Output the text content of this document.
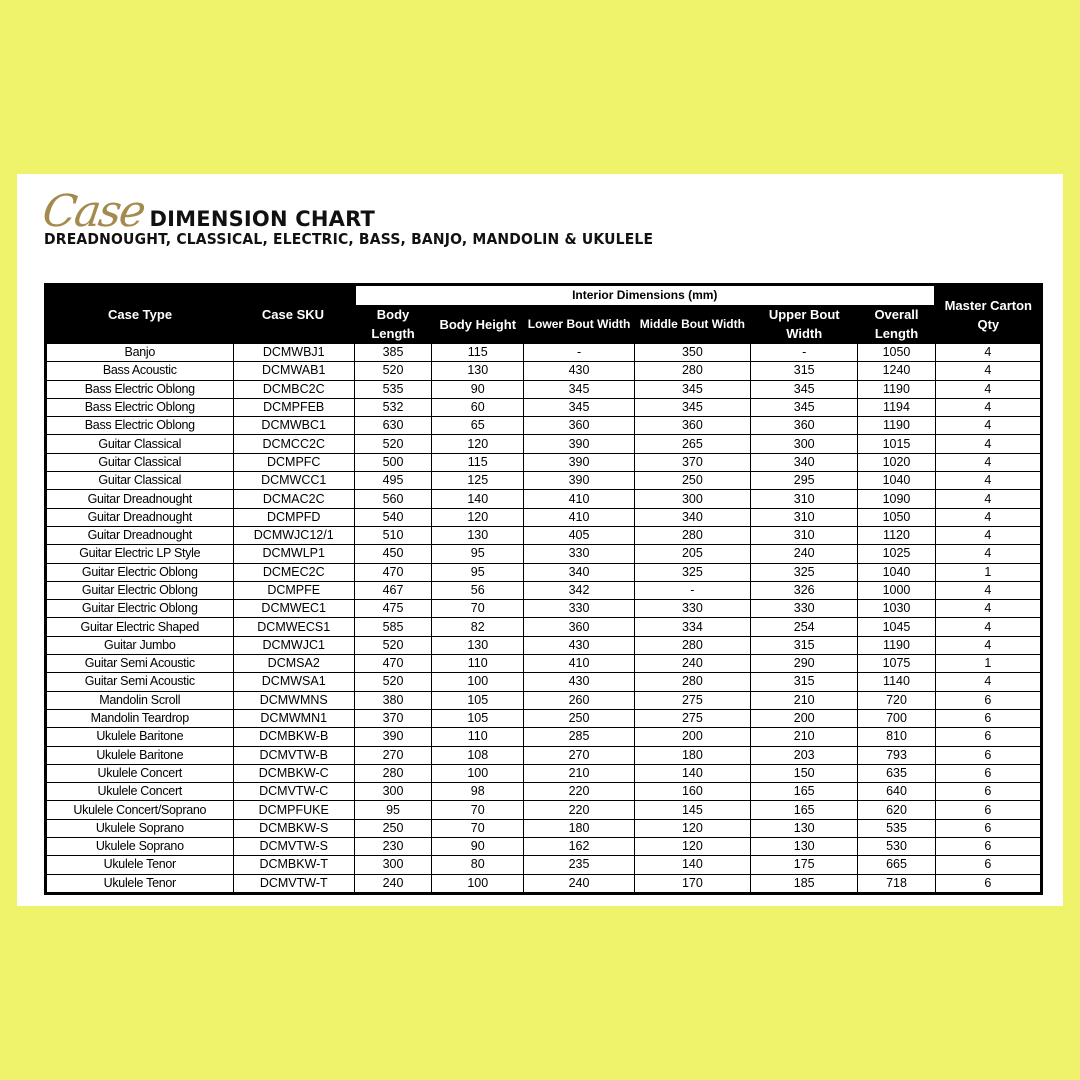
Case DIMENSION CHART
DREADNOUGHT, CLASSICAL, ELECTRIC, BASS, BANJO, MANDOLIN & UKULELE
Case Type	Case SKU	Interior Dimensions (mm)						Master Carton Qty
		Body Length	Body Height	Lower Bout Width	Middle Bout Width	Upper Bout Width	Overall Length	
Banjo	DCMWBJ1	385	115	-	350	-	1050	4
Bass Acoustic	DCMWAB1	520	130	430	280	315	1240	4
Bass Electric Oblong	DCMBC2C	535	90	345	345	345	1190	4
Bass Electric Oblong	DCMPFEB	532	60	345	345	345	1194	4
Bass Electric Oblong	DCMWBC1	630	65	360	360	360	1190	4
Guitar Classical	DCMCC2C	520	120	390	265	300	1015	4
Guitar Classical	DCMPFC	500	115	390	370	340	1020	4
Guitar Classical	DCMWCC1	495	125	390	250	295	1040	4
Guitar Dreadnought	DCMAC2C	560	140	410	300	310	1090	4
Guitar Dreadnought	DCMPFD	540	120	410	340	310	1050	4
Guitar Dreadnought	DCMWJC12/1	510	130	405	280	310	1120	4
Guitar Electric LP Style	DCMWLP1	450	95	330	205	240	1025	4
Guitar Electric Oblong	DCMEC2C	470	95	340	325	325	1040	1
Guitar Electric Oblong	DCMPFE	467	56	342	-	326	1000	4
Guitar Electric Oblong	DCMWEC1	475	70	330	330	330	1030	4
Guitar Electric Shaped	DCMWECS1	585	82	360	334	254	1045	4
Guitar Jumbo	DCMWJC1	520	130	430	280	315	1190	4
Guitar Semi Acoustic	DCMSA2	470	110	410	240	290	1075	1
Guitar Semi Acoustic	DCMWSA1	520	100	430	280	315	1140	4
Mandolin Scroll	DCMWMNS	380	105	260	275	210	720	6
Mandolin Teardrop	DCMWMN1	370	105	250	275	200	700	6
Ukulele Baritone	DCMBKW-B	390	110	285	200	210	810	6
Ukulele Baritone	DCMVTW-B	270	108	270	180	203	793	6
Ukulele Concert	DCMBKW-C	280	100	210	140	150	635	6
Ukulele Concert	DCMVTW-C	300	98	220	160	165	640	6
Ukulele Concert/Soprano	DCMPFUKE	95	70	220	145	165	620	6
Ukulele Soprano	DCMBKW-S	250	70	180	120	130	535	6
Ukulele Soprano	DCMVTW-S	230	90	162	120	130	530	6
Ukulele Tenor	DCMBKW-T	300	80	235	140	175	665	6
Ukulele Tenor	DCMVTW-T	240	100	240	170	185	718	6
